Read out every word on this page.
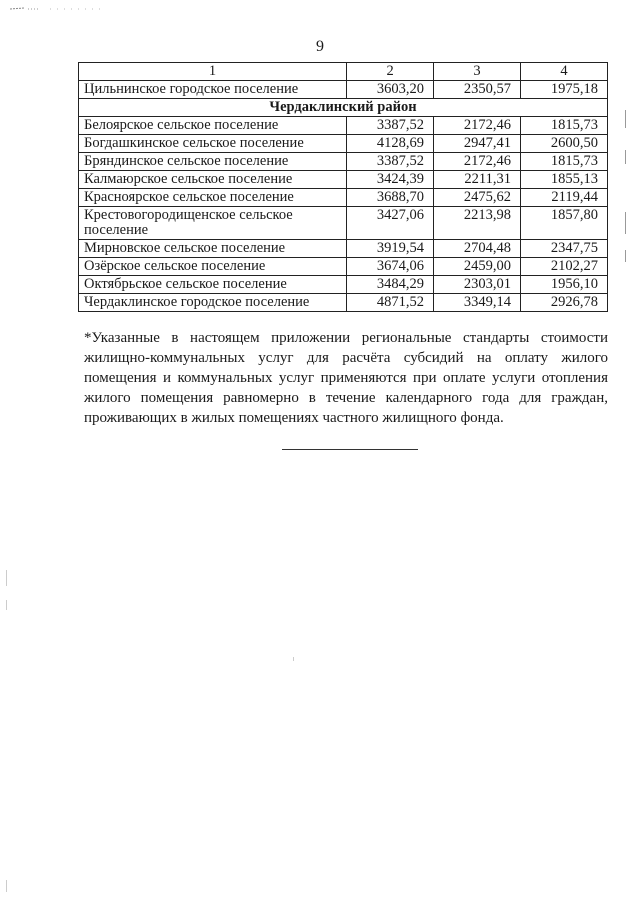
9
1	2	3	4
Цильнинское городское поселение	3603,20	2350,57	1975,18
Чердаклинский район			
Белоярское сельское поселение	3387,52	2172,46	1815,73
Богдашкинское сельское поселение	4128,69	2947,41	2600,50
Бряндинское сельское поселение	3387,52	2172,46	1815,73
Калмаюрское сельское поселение	3424,39	2211,31	1855,13
Красноярское сельское поселение	3688,70	2475,62	2119,44
Крестовогородищенское сельское поселение	3427,06	2213,98	1857,80
Мирновское сельское поселение	3919,54	2704,48	2347,75
Озёрское сельское поселение	3674,06	2459,00	2102,27
Октябрьское сельское поселение	3484,29	2303,01	1956,10
Чердаклинское городское поселение	4871,52	3349,14	2926,78
*Указанные в настоящем приложении региональные стандарты стоимости
жилищно-коммунальных услуг для расчёта субсидий на оплату жилого помещения и коммунальных услуг применяются при оплате услуги отопления жилого помещения равномерно в течение календарного года для граждан, проживающих в жилых помещениях частного жилищного фонда.
